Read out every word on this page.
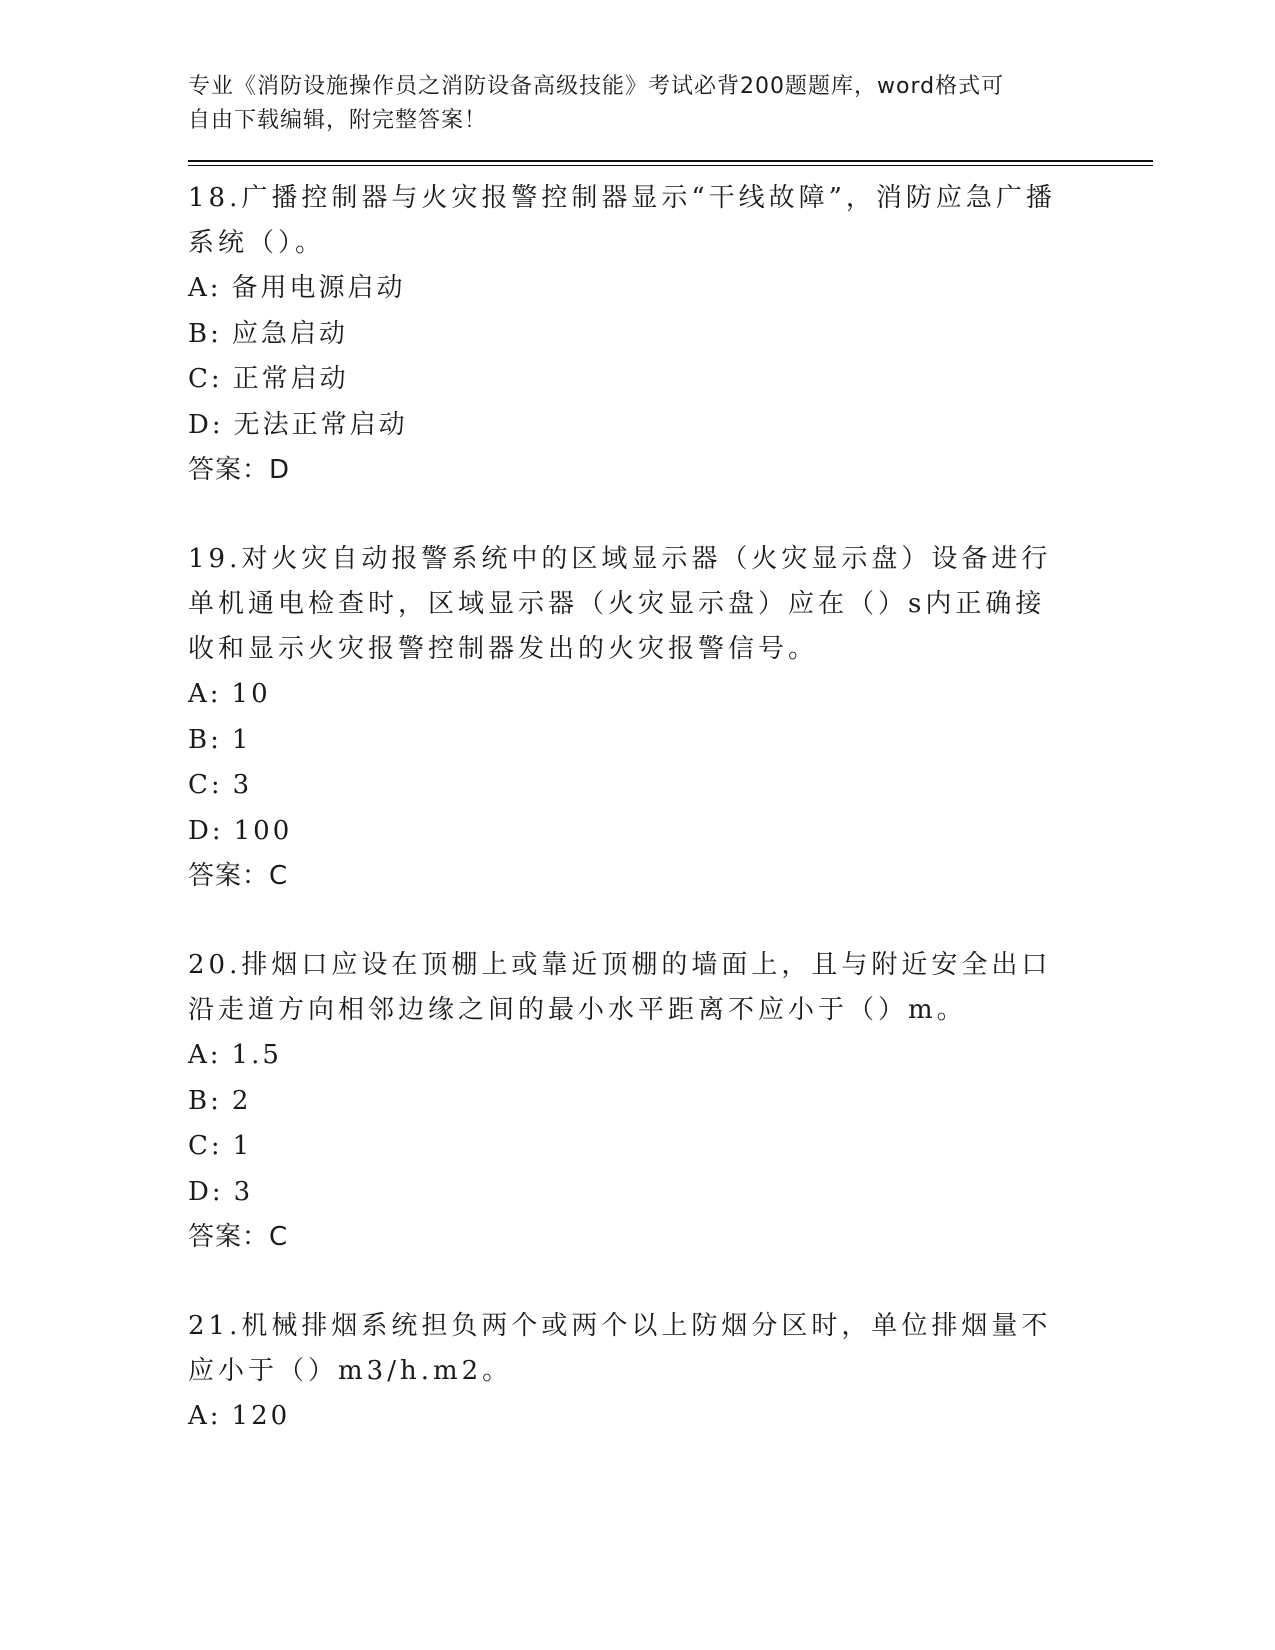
专业《消防设施操作员之消防设备高级技能》考试必背200题题库，word格式可
自由下载编辑，附完整答案！
18.广播控制器与火灾报警控制器显示“干线故障”，消防应急广播系统（）。
A : 备用电源启动
B : 应急启动
C : 正常启动
D : 无法正常启动
答案：D
19.对火灾自动报警系统中的区域显示器（火灾显示盘）设备进行单机通电检查时，区域显示器（火灾显示盘）应在（）s内正确接收和显示火灾报警控制器发出的火灾报警信号。
A : 10
B : 1
C : 3
D : 100
答案：C
20.排烟口应设在顶棚上或靠近顶棚的墙面上，且与附近安全出口沿走道方向相邻边缘之间的最小水平距离不应小于（）m。
A : 1.5
B : 2
C : 1
D : 3
答案：C
21.机械排烟系统担负两个或两个以上防烟分区时，单位排烟量不应小于（）m3/h.m2。
A : 120
